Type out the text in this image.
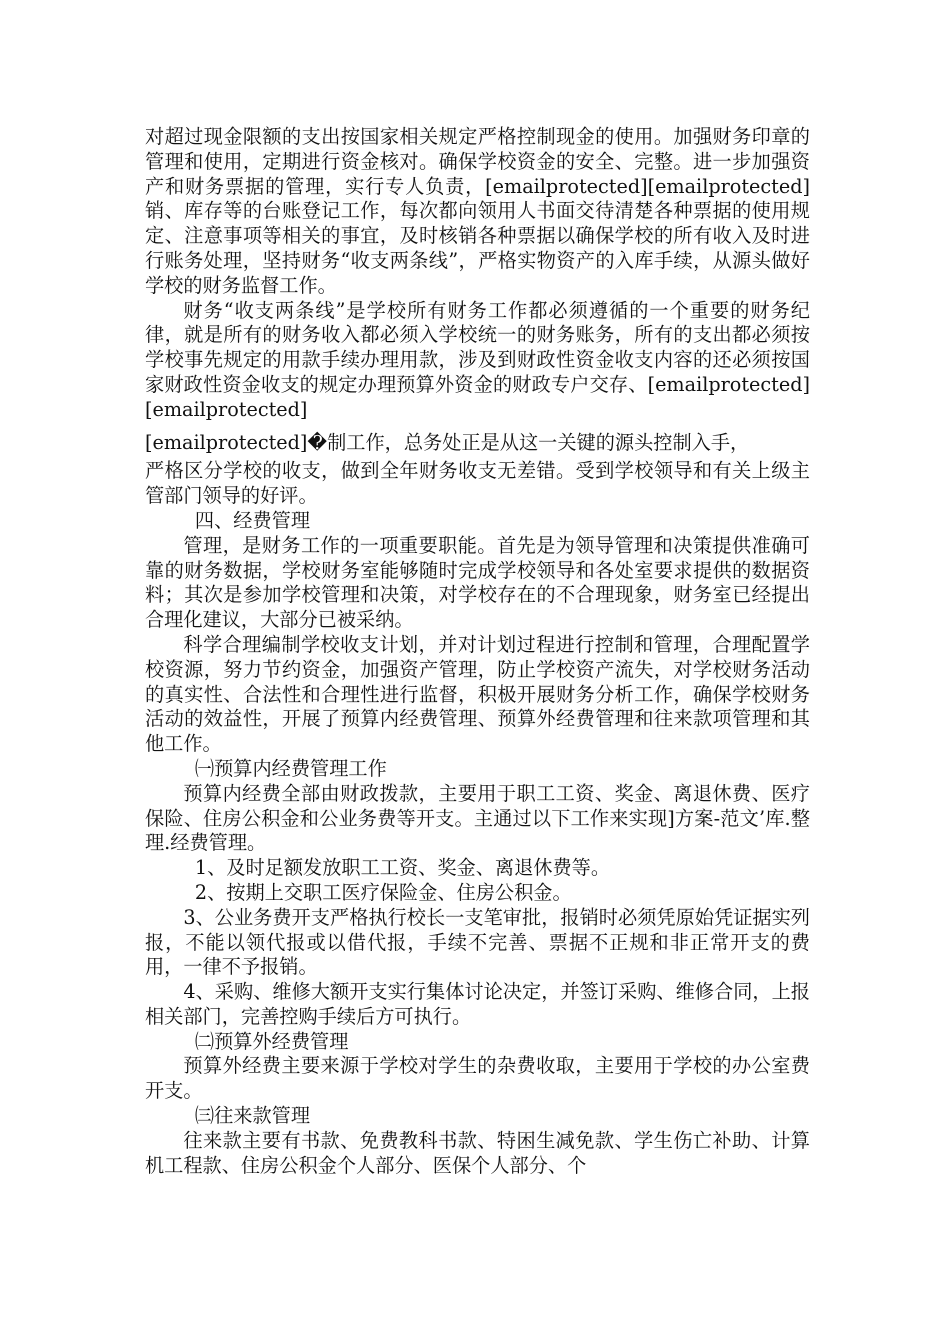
对超过现金限额的支出按国家相关规定严格控制现金的使用。加强财务印章的管理和使用，定期进行资金核对。确保学校资金的安全、完整。进一步加强资产和财务票据的管理，实行专人负责，[emailprotected][emailprotected]销、库存等的台账登记工作，每次都向领用人书面交待清楚各种票据的使用规定、注意事项等相关的事宜，及时核销各种票据以确保学校的所有收入及时进行账务处理，坚持财务“收支两条线”，严格实物资产的入库手续，从源头做好学校的财务监督工作。

财务“收支两条线”是学校所有财务工作都必须遵循的一个重要的财务纪律，就是所有的财务收入都必须入学校统一的财务账务，所有的支出都必须按学校事先规定的用款手续办理用款，涉及到财政性资金收支内容的还必须按国家财政性资金收支的规定办理预算外资金的财政专户交存、[emailprotected][emailprotected]

[emailprotected]�制工作，总务处正是从这一关键的源头控制入手，

严格区分学校的收支，做到全年财务收支无差错。受到学校领导和有关上级主管部门领导的好评。

四、经费管理

管理，是财务工作的一项重要职能。首先是为领导管理和决策提供准确可靠的财务数据，学校财务室能够随时完成学校领导和各处室要求提供的数据资料；其次是参加学校管理和决策，对学校存在的不合理现象，财务室已经提出合理化建议，大部分已被采纳。

科学合理编制学校收支计划，并对计划过程进行控制和管理，合理配置学校资源，努力节约资金，加强资产管理，防止学校资产流失，对学校财务活动的真实性、合法性和合理性进行监督，积极开展财务分析工作，确保学校财务活动的效益性，开展了预算内经费管理、预算外经费管理和往来款项管理和其他工作。

㈠预算内经费管理工作

预算内经费全部由财政拨款，主要用于职工工资、奖金、离退休费、医疗保险、住房公积金和公业务费等开支。主通过以下工作来实现]方案-范文’库.整理.经费管理。

1、及时足额发放职工工资、奖金、离退休费等。

2、按期上交职工医疗保险金、住房公积金。

3、公业务费开支严格执行校长一支笔审批，报销时必须凭原始凭证据实列报，不能以领代报或以借代报，手续不完善、票据不正规和非正常开支的费用，一律不予报销。

4、采购、维修大额开支实行集体讨论决定，并签订采购、维修合同，上报相关部门，完善控购手续后方可执行。

㈡预算外经费管理

预算外经费主要来源于学校对学生的杂费收取，主要用于学校的办公室费开支。

㈢往来款管理

往来款主要有书款、免费教科书款、特困生减免款、学生伤亡补助、计算机工程款、住房公积金个人部分、医保个人部分、个
